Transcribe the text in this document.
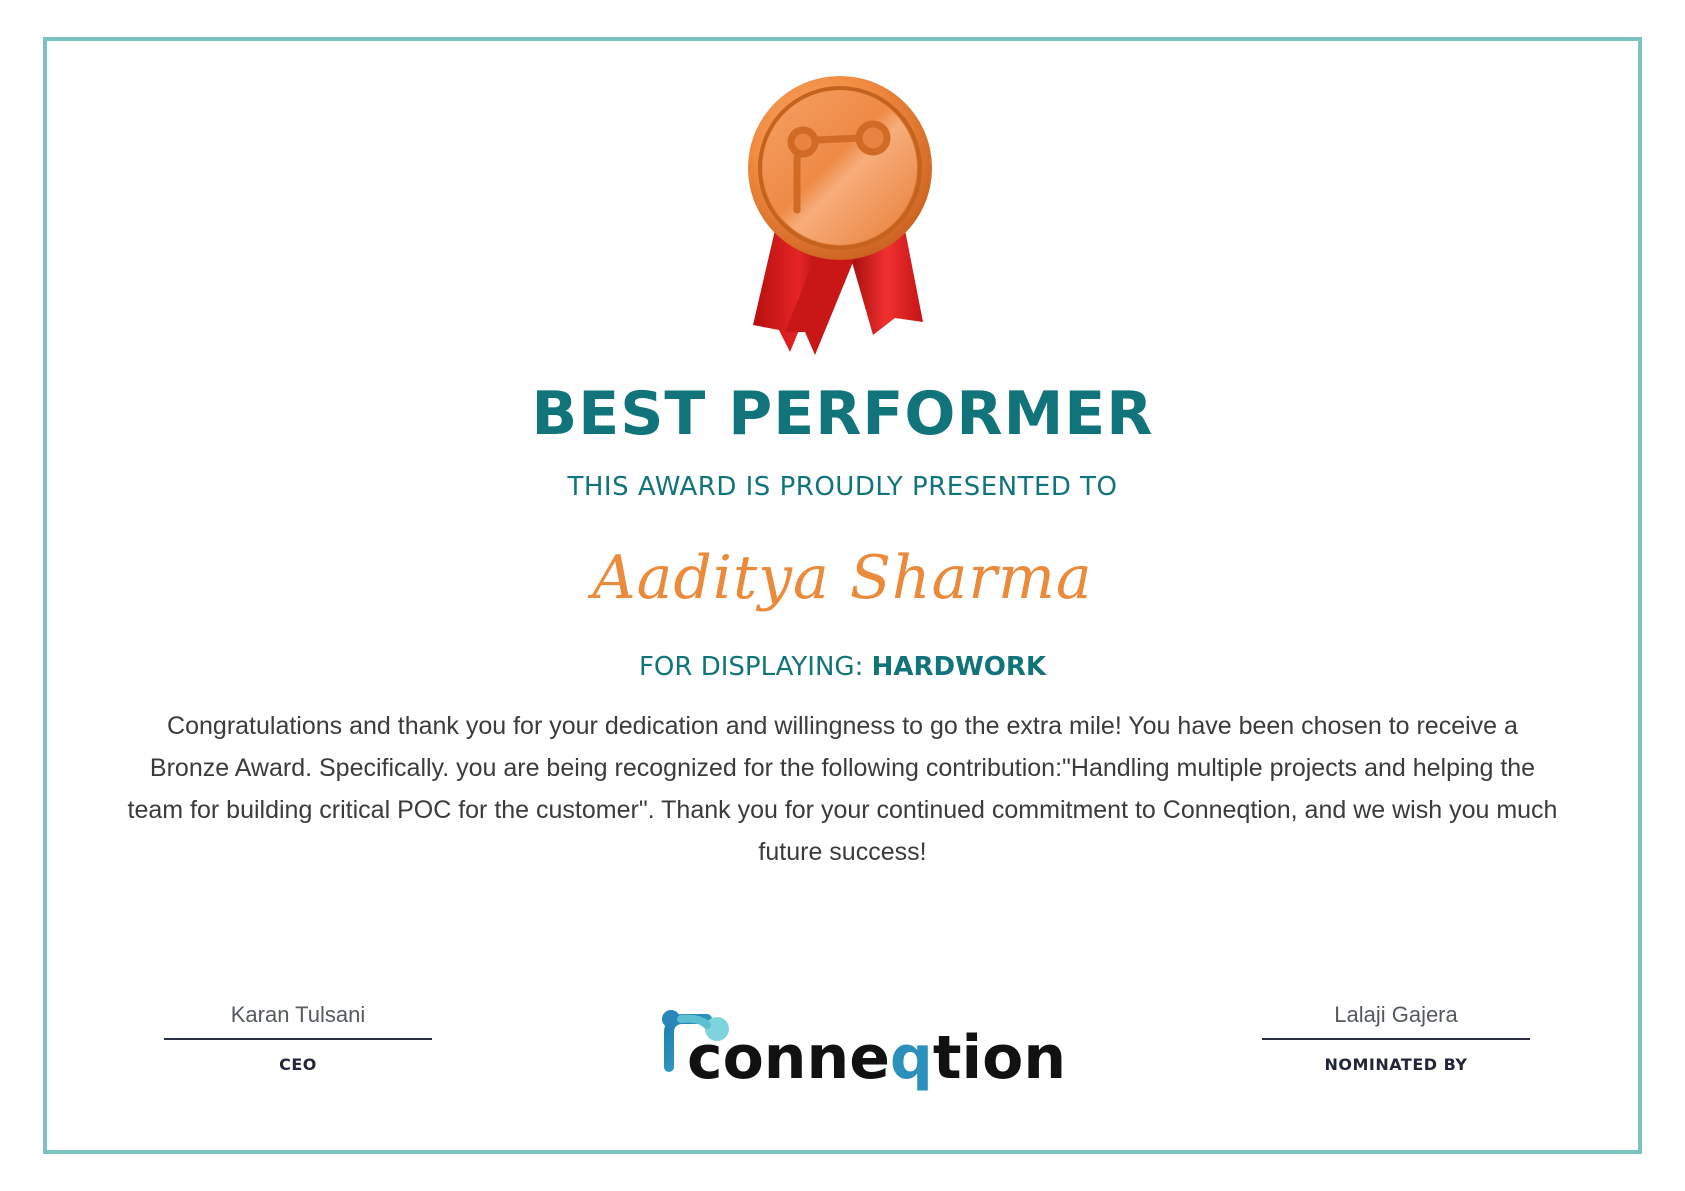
BEST PERFORMER
THIS AWARD IS PROUDLY PRESENTED TO
Aaditya Sharma
FOR DISPLAYING: HARDWORK
Congratulations and thank you for your dedication and willingness to go the extra mile! You have been chosen to receive a Bronze Award. Specifically. you are being recognized for the following contribution:"Handling multiple projects and helping the team for building critical POC for the customer". Thank you for your continued commitment to Conneqtion, and we wish you much future success!
Karan Tulsani
CEO	conneqtion
Lalaji Gajera
NOMINATED BY
